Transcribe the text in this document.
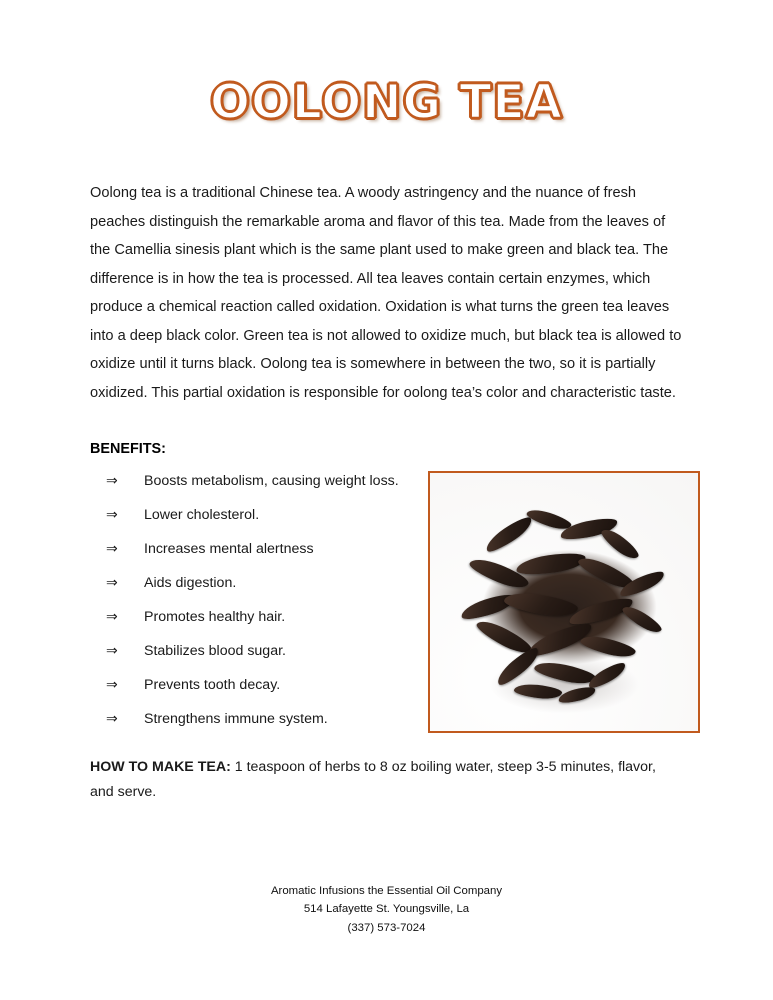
OOLONG TEA

Oolong tea is a traditional Chinese tea. A woody astringency and the nuance of fresh peaches distinguish the remarkable aroma and flavor of this tea. Made from the leaves of the Camellia sinesis plant which is the same plant used to make green and black tea. The difference is in how the tea is processed. All tea leaves contain certain enzymes, which produce a chemical reaction called oxidation. Oxidation is what turns the green tea leaves into a deep black color. Green tea is not allowed to oxidize much, but black tea is allowed to oxidize until it turns black. Oolong tea is somewhere in between the two, so it is partially oxidized. This partial oxidation is responsible for oolong tea’s color and characteristic taste.

BENEFITS:
⇒	Boosts metabolism, causing weight loss.
⇒	Lower cholesterol.
⇒	Increases mental alertness
⇒	Aids digestion.
⇒	Promotes healthy hair.
⇒	Stabilizes blood sugar.
⇒	Prevents tooth decay.
⇒	Strengthens immune system.
HOW TO MAKE TEA: 1 teaspoon of herbs to 8 oz boiling water, steep 3-5 minutes, flavor, and serve.
Aromatic Infusions the Essential Oil Company
514 Lafayette St. Youngsville, La
(337) 573-7024
